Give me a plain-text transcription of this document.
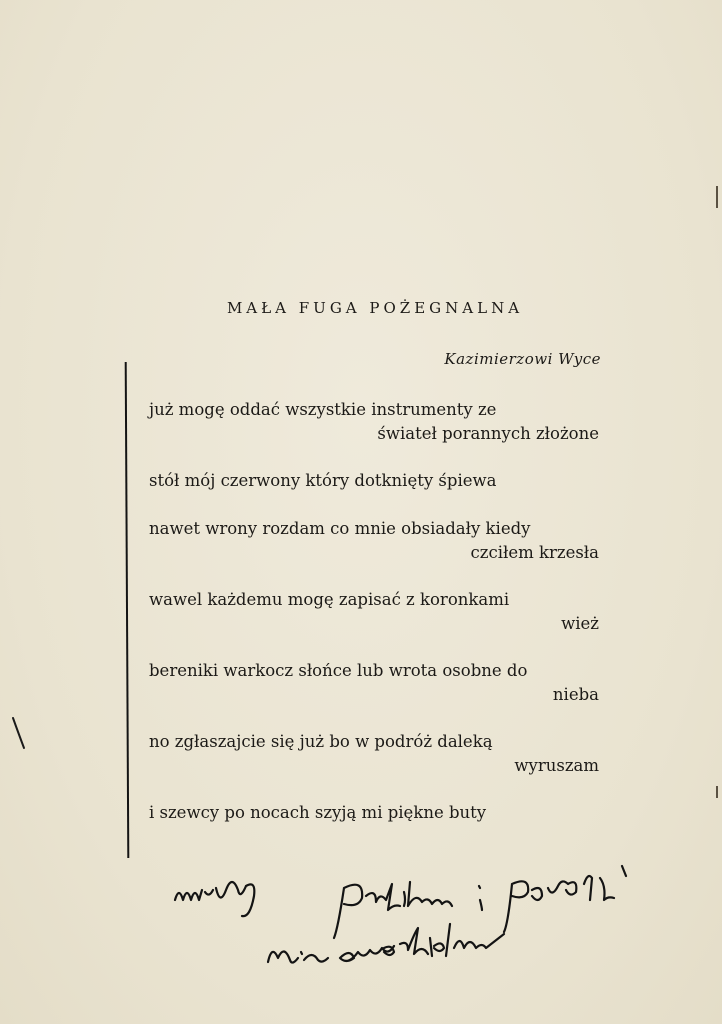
MAŁA FUGA POŻEGNALNA
Kazimierzowi Wyce
już mogę oddać wszystkie instrumenty ze
świateł porannych złożone
stół mój czerwony który dotknięty śpiewa
nawet wrony rozdam co mnie obsiadały kiedy
czciłem krzesła
wawel każdemu mogę zapisać z koronkami
wież
bereniki warkocz słońce lub wrota osobne do
nieba
no zgłaszajcie się już bo w podróż daleką
wyruszam
i szewcy po nocach szyją mi piękne buty
